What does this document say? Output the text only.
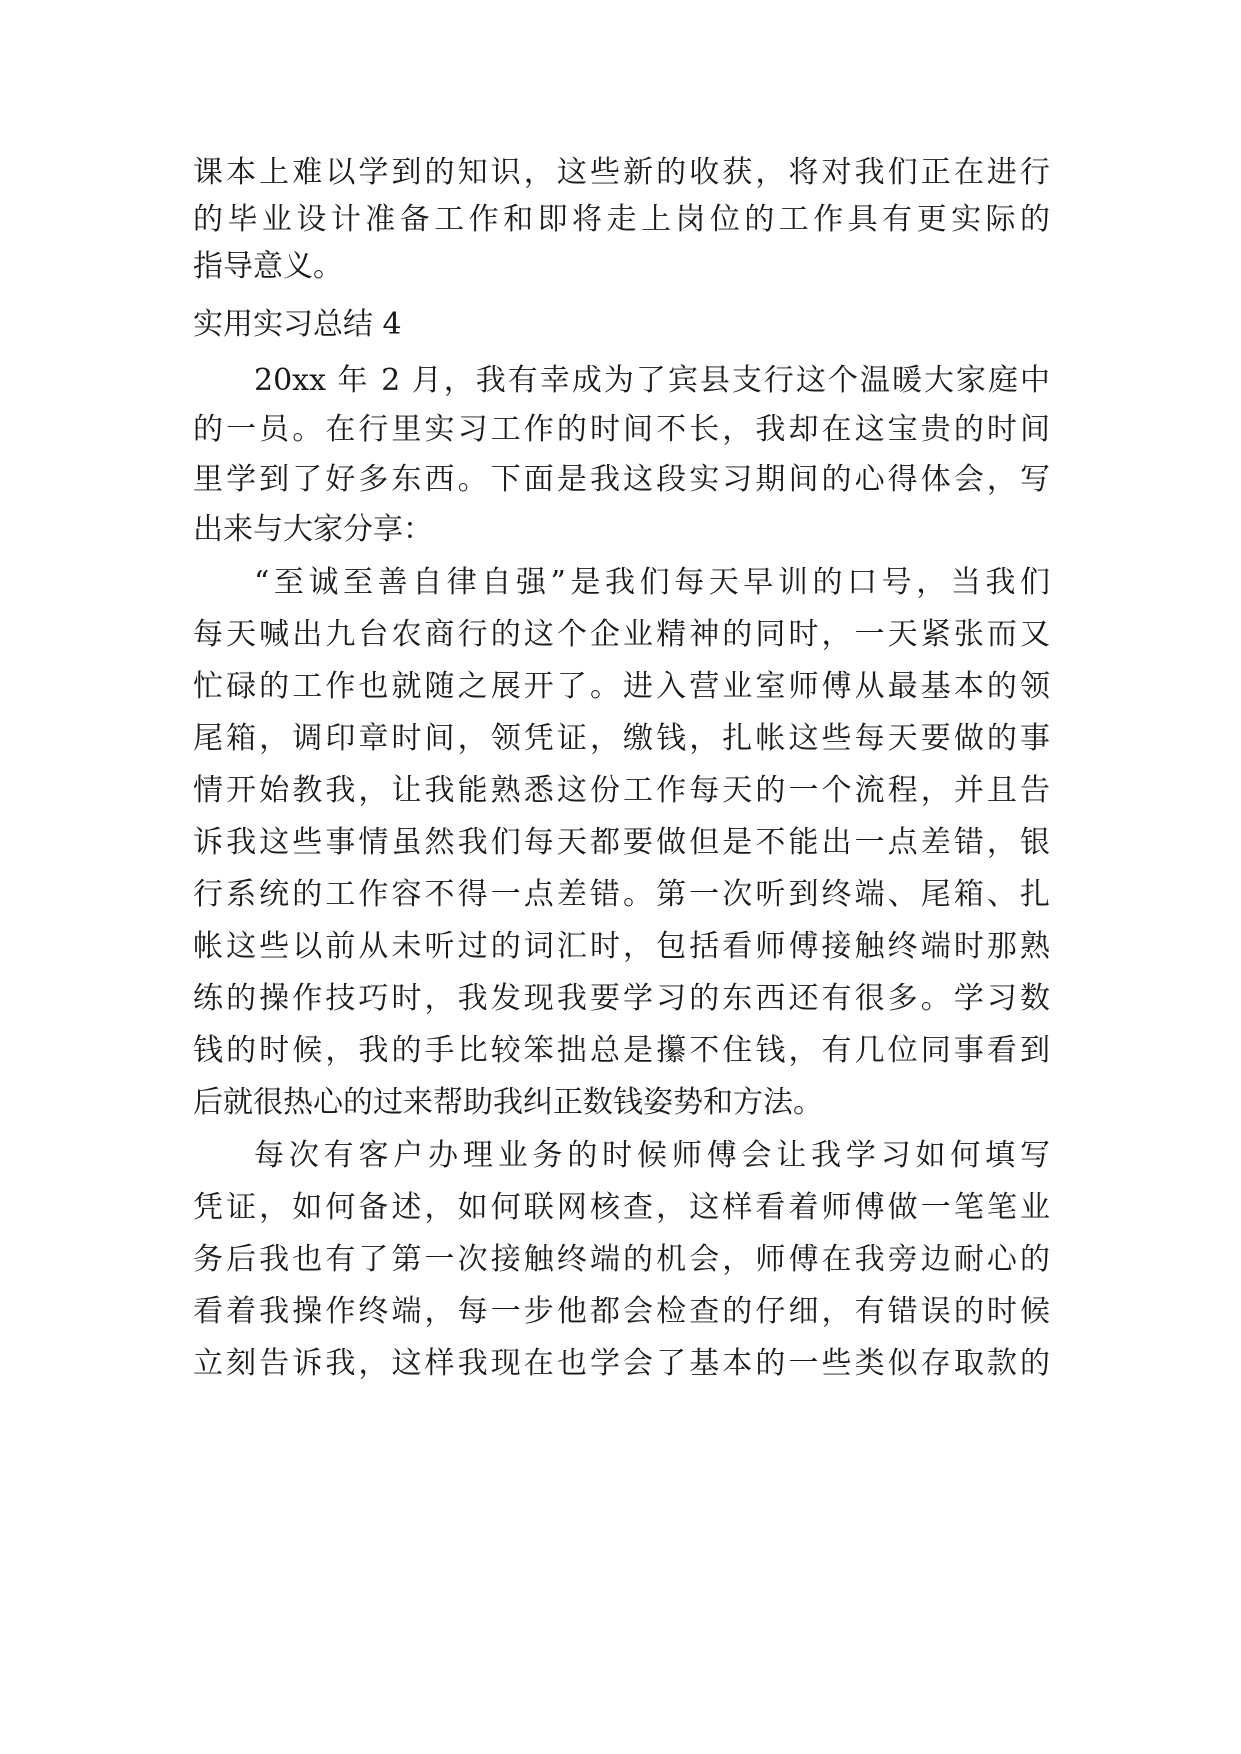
课本上难以学到的知识，这些新的收获，将对我们正在进行
的毕业设计准备工作和即将走上岗位的工作具有更实际的
指导意义。
实用实习总结 4
20xx 年 2 月，我有幸成为了宾县支行这个温暖大家庭中
的一员。在行里实习工作的时间不长，我却在这宝贵的时间
里学到了好多东西。下面是我这段实习期间的心得体会，写
出来与大家分享：
“至诚至善自律自强”是我们每天早训的口号，当我们
每天喊出九台农商行的这个企业精神的同时，一天紧张而又
忙碌的工作也就随之展开了。进入营业室师傅从最基本的领
尾箱，调印章时间，领凭证，缴钱，扎帐这些每天要做的事
情开始教我，让我能熟悉这份工作每天的一个流程，并且告
诉我这些事情虽然我们每天都要做但是不能出一点差错，银
行系统的工作容不得一点差错。第一次听到终端、尾箱、扎
帐这些以前从未听过的词汇时，包括看师傅接触终端时那熟
练的操作技巧时，我发现我要学习的东西还有很多。学习数
钱的时候，我的手比较笨拙总是攥不住钱，有几位同事看到
后就很热心的过来帮助我纠正数钱姿势和方法。
每次有客户办理业务的时候师傅会让我学习如何填写
凭证，如何备述，如何联网核查，这样看着师傅做一笔笔业
务后我也有了第一次接触终端的机会，师傅在我旁边耐心的
看着我操作终端，每一步他都会检查的仔细，有错误的时候
立刻告诉我，这样我现在也学会了基本的一些类似存取款的
